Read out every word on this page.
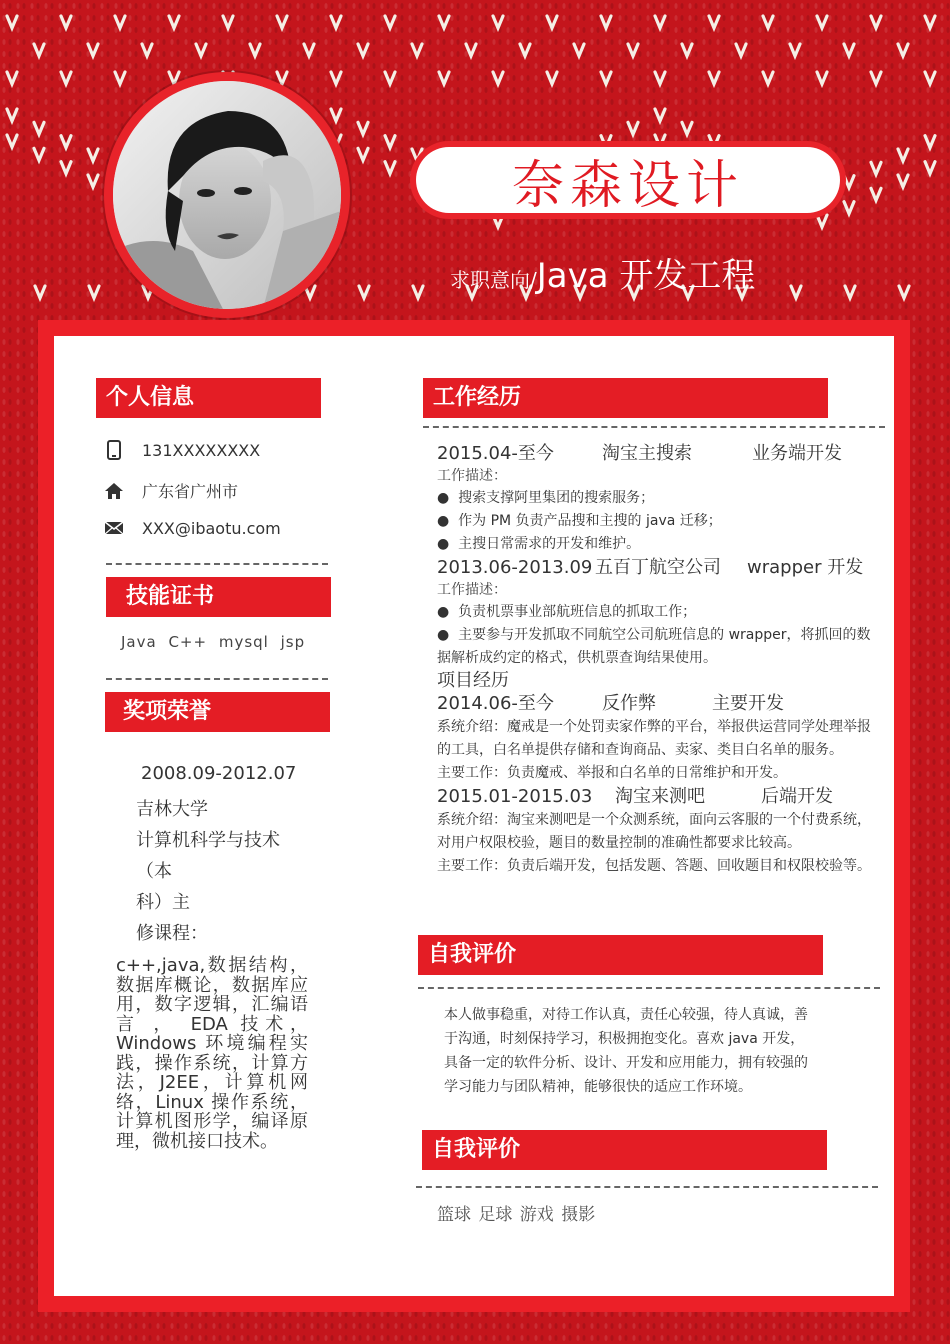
奈森设计
求职意向/Java 开发工程
个人信息
131XXXXXXXX
广东省广州市
XXX@ibaotu.com
技能证书
Java C++ mysql jsp
奖项荣誉
2008.09-2012.07
吉林大学
计算机科学与技术
（本
科）主
修课程：
c++,java,数据结构，数据库概论，数据库应用，数字逻辑，汇编语言 ， EDA 技术，Windows 环境编程实践，操作系统，计算方法，J2EE，计算机网络，Linux 操作系统，计算机图形学，编译原理，微机接口技术。
工作经历
2015.04-至今	淘宝主搜索	业务端开发
工作描述：
●  搜索支撑阿里集团的搜索服务；
●  作为 PM 负责产品搜和主搜的 java 迁移；
●  主搜日常需求的开发和维护。
2013.06-2013.09 五百丁航空公司	wrapper 开发
工作描述：
●  负责机票事业部航班信息的抓取工作；
●  主要参与开发抓取不同航空公司航班信息的 wrapper，将抓回的数据解析成约定的格式，供机票查询结果使用。
项目经历
2014.06-至今	反作弊	主要开发
系统介绍：魔戒是一个处罚卖家作弊的平台，举报供运营同学处理举报的工具，白名单提供存储和查询商品、卖家、类目白名单的服务。
主要工作：负责魔戒、举报和白名单的日常维护和开发。
2015.01-2015.03	淘宝来测吧	后端开发
系统介绍：淘宝来测吧是一个众测系统，面向云客服的一个付费系统，对用户权限校验，题目的数量控制的准确性都要求比较高。
主要工作：负责后端开发，包括发题、答题、回收题目和权限校验等。
自我评价
本人做事稳重，对待工作认真，责任心较强，待人真诚，善于沟通，时刻保持学习，积极拥抱变化。喜欢 java 开发，具备一定的软件分析、设计、开发和应用能力，拥有较强的学习能力与团队精神，能够很快的适应工作环境。
自我评价
篮球 足球 游戏 摄影
